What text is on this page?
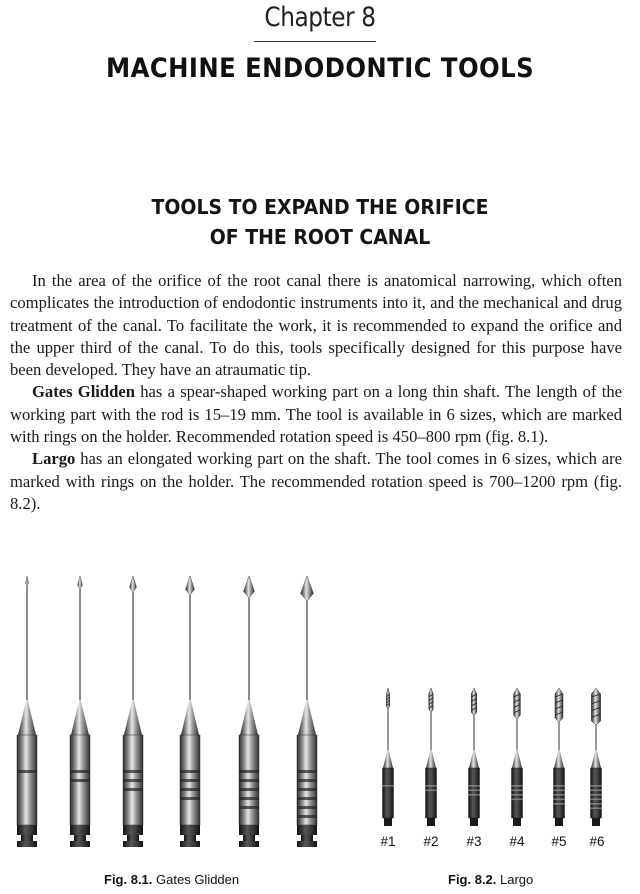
Chapter 8
MACHINE ENDODONTIC TOOLS
TOOLS TO EXPAND THE ORIFICE
OF THE ROOT CANAL

In the area of the orifice of the root canal there is anatomical narrowing, which often complicates the introduction of endodontic instruments into it, and the mechanical and drug treatment of the canal. To facilitate the work, it is recommended to expand the orifice and the upper third of the canal. To do this, tools specifically designed for this purpose have been developed. They have an atraumatic tip.

Gates Glidden has a spear-shaped working part on a long thin shaft. The length of the working part with the rod is 15–19 mm. The tool is available in 6 sizes, which are marked with rings on the holder. Recommended rotation speed is 450–800 rpm (fig. 8.1).

Largo has an elongated working part on the shaft. The tool comes in 6 sizes, which are marked with rings on the holder. The recommended rotation speed is 700–1200 rpm (fig. 8.2).

#1	#2	#3	#4	#5	#6
Fig. 8.1. Gates Glidden	Fig. 8.2. Largo
